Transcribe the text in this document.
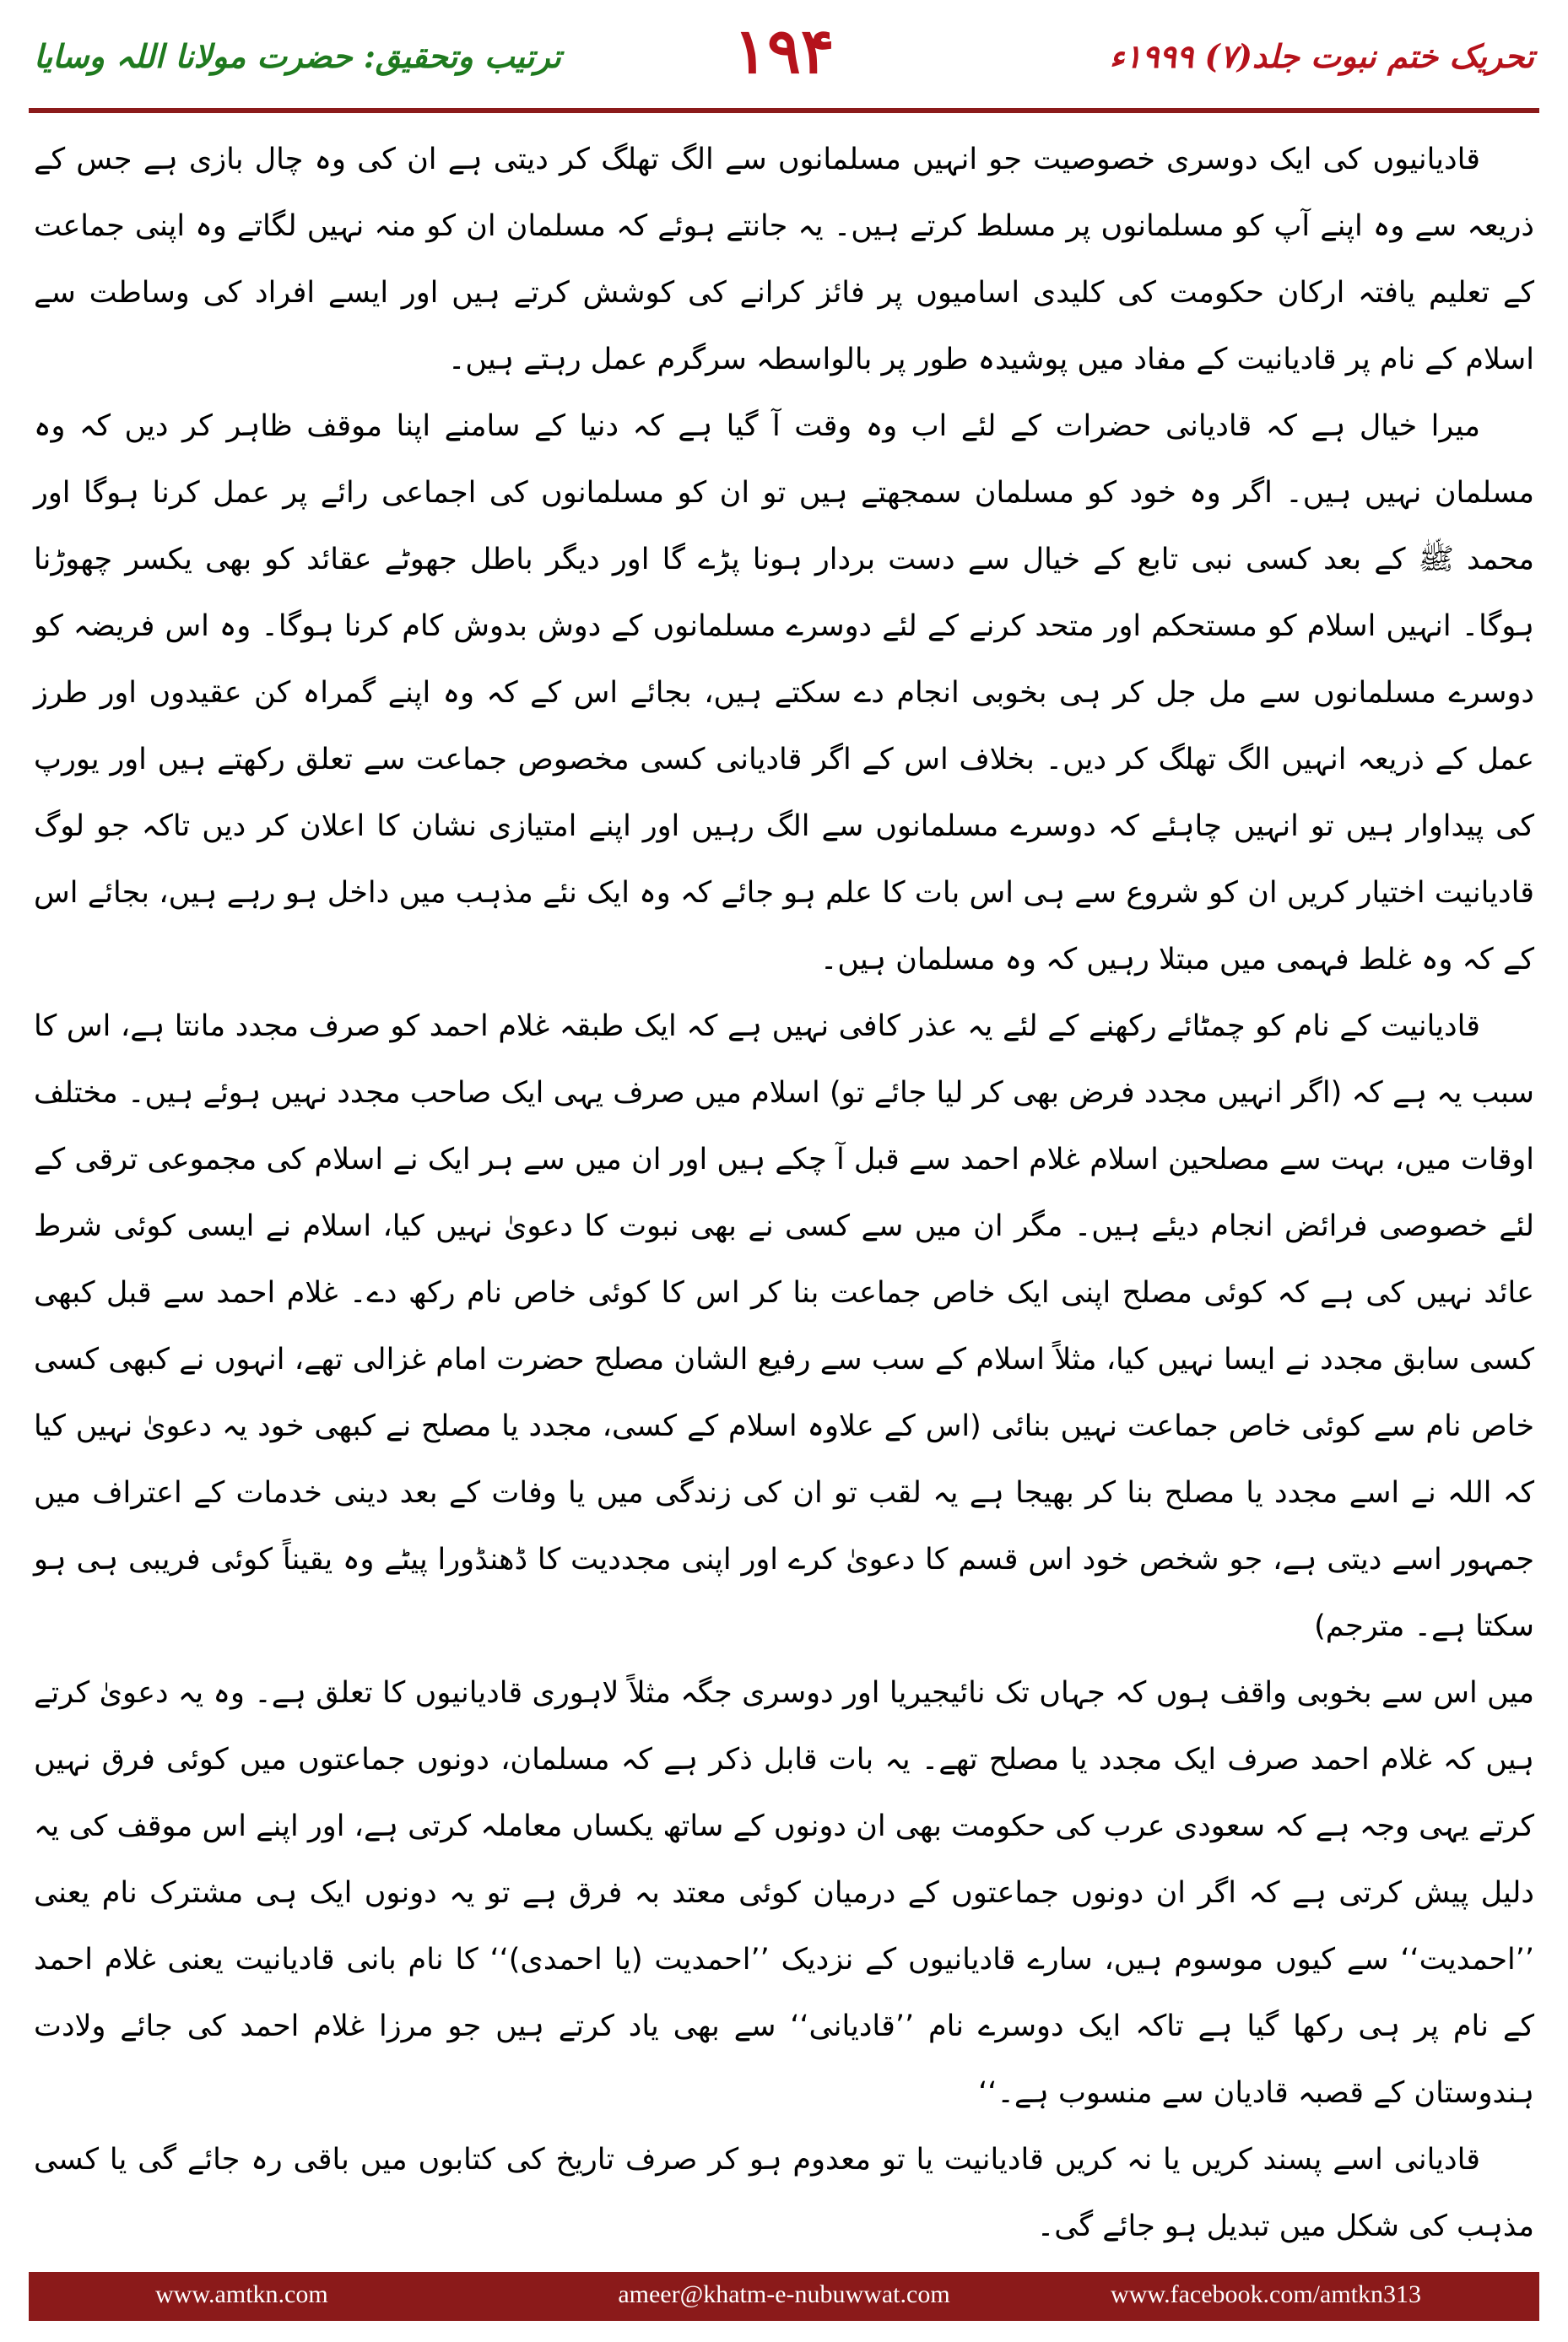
ترتیب وتحقیق: حضرت مولانا اللہ وسایا	۱۹۴	تحریک ختم نبوت جلد(۷) ۱۹۹۹ء

قادیانیوں کی ایک دوسری خصوصیت جو انہیں مسلمانوں سے الگ تھلگ کر دیتی ہے ان کی وہ چال بازی ہے جس کے ذریعہ سے وہ اپنے آپ کو مسلمانوں پر مسلط کرتے ہیں۔ یہ جانتے ہوئے کہ مسلمان ان کو منہ نہیں لگاتے وہ اپنی جماعت کے تعلیم یافتہ ارکان حکومت کی کلیدی اسامیوں پر فائز کرانے کی کوشش کرتے ہیں اور ایسے افراد کی وساطت سے اسلام کے نام پر قادیانیت کے مفاد میں پوشیدہ طور پر بالواسطہ سرگرم عمل رہتے ہیں۔

میرا خیال ہے کہ قادیانی حضرات کے لئے اب وہ وقت آ گیا ہے کہ دنیا کے سامنے اپنا موقف ظاہر کر دیں کہ وہ مسلمان نہیں ہیں۔ اگر وہ خود کو مسلمان سمجھتے ہیں تو ان کو مسلمانوں کی اجماعی رائے پر عمل کرنا ہوگا اور محمد ﷺ کے بعد کسی نبی تابع کے خیال سے دست بردار ہونا پڑے گا اور دیگر باطل جھوٹے عقائد کو بھی یکسر چھوڑنا ہوگا۔ انہیں اسلام کو مستحکم اور متحد کرنے کے لئے دوسرے مسلمانوں کے دوش بدوش کام کرنا ہوگا۔ وہ اس فریضہ کو دوسرے مسلمانوں سے مل جل کر ہی بخوبی انجام دے سکتے ہیں، بجائے اس کے کہ وہ اپنے گمراہ کن عقیدوں اور طرز عمل کے ذریعہ انہیں الگ تھلگ کر دیں۔ بخلاف اس کے اگر قادیانی کسی مخصوص جماعت سے تعلق رکھتے ہیں اور یورپ کی پیداوار ہیں تو انہیں چاہئے کہ دوسرے مسلمانوں سے الگ رہیں اور اپنے امتیازی نشان کا اعلان کر دیں تاکہ جو لوگ قادیانیت اختیار کریں ان کو شروع سے ہی اس بات کا علم ہو جائے کہ وہ ایک نئے مذہب میں داخل ہو رہے ہیں، بجائے اس کے کہ وہ غلط فہمی میں مبتلا رہیں کہ وہ مسلمان ہیں۔

قادیانیت کے نام کو چمٹائے رکھنے کے لئے یہ عذر کافی نہیں ہے کہ ایک طبقہ غلام احمد کو صرف مجدد مانتا ہے، اس کا سبب یہ ہے کہ (اگر انہیں مجدد فرض بھی کر لیا جائے تو) اسلام میں صرف یہی ایک صاحب مجدد نہیں ہوئے ہیں۔ مختلف اوقات میں، بہت سے مصلحین اسلام غلام احمد سے قبل آ چکے ہیں اور ان میں سے ہر ایک نے اسلام کی مجموعی ترقی کے لئے خصوصی فرائض انجام دیئے ہیں۔ مگر ان میں سے کسی نے بھی نبوت کا دعویٰ نہیں کیا، اسلام نے ایسی کوئی شرط عائد نہیں کی ہے کہ کوئی مصلح اپنی ایک خاص جماعت بنا کر اس کا کوئی خاص نام رکھ دے۔ غلام احمد سے قبل کبھی کسی سابق مجدد نے ایسا نہیں کیا، مثلاً اسلام کے سب سے رفیع الشان مصلح حضرت امام غزالی تھے، انہوں نے کبھی کسی خاص نام سے کوئی خاص جماعت نہیں بنائی (اس کے علاوہ اسلام کے کسی، مجدد یا مصلح نے کبھی خود یہ دعویٰ نہیں کیا کہ اللہ نے اسے مجدد یا مصلح بنا کر بھیجا ہے یہ لقب تو ان کی زندگی میں یا وفات کے بعد دینی خدمات کے اعتراف میں جمہور اسے دیتی ہے، جو شخص خود اس قسم کا دعویٰ کرے اور اپنی مجددیت کا ڈھنڈورا پیٹے وہ یقیناً کوئی فریبی ہی ہو سکتا ہے۔ مترجم)

میں اس سے بخوبی واقف ہوں کہ جہاں تک نائیجیریا اور دوسری جگہ مثلاً لاہوری قادیانیوں کا تعلق ہے۔ وہ یہ دعویٰ کرتے ہیں کہ غلام احمد صرف ایک مجدد یا مصلح تھے۔ یہ بات قابل ذکر ہے کہ مسلمان، دونوں جماعتوں میں کوئی فرق نہیں کرتے یہی وجہ ہے کہ سعودی عرب کی حکومت بھی ان دونوں کے ساتھ یکساں معاملہ کرتی ہے، اور اپنے اس موقف کی یہ دلیل پیش کرتی ہے کہ اگر ان دونوں جماعتوں کے درمیان کوئی معتد بہ فرق ہے تو یہ دونوں ایک ہی مشترک نام یعنی ’’احمدیت‘‘ سے کیوں موسوم ہیں، سارے قادیانیوں کے نزدیک ’’احمدیت (یا احمدی)‘‘ کا نام بانی قادیانیت یعنی غلام احمد کے نام پر ہی رکھا گیا ہے تاکہ ایک دوسرے نام ’’قادیانی‘‘ سے بھی یاد کرتے ہیں جو مرزا غلام احمد کی جائے ولادت ہندوستان کے قصبہ قادیان سے منسوب ہے۔‘‘

قادیانی اسے پسند کریں یا نہ کریں قادیانیت یا تو معدوم ہو کر صرف تاریخ کی کتابوں میں باقی رہ جائے گی یا کسی مذہب کی شکل میں تبدیل ہو جائے گی۔

www.amtkn.com	ameer@khatm-e-nubuwwat.com	www.facebook.com/amtkn313
